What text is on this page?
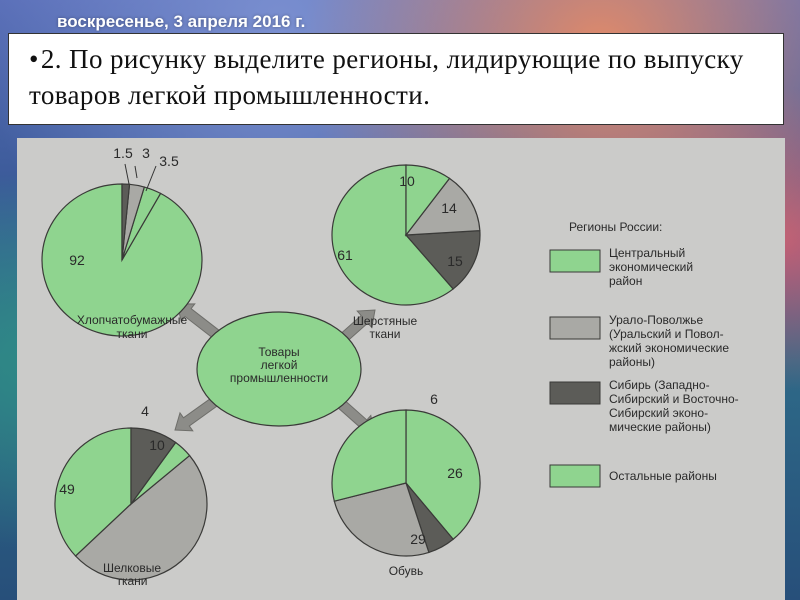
воскресенье, 3 апреля 2016 г.
•2. По рисунку выделите регионы, лидирующие по выпуску товаров легкой промышленности.
92
3.5
3
1.5
Хлопчатобумажные
ткани
61	15
14
10
Шерстяные
ткани
49
4
10
Шелковые
ткани
6
26
29
Обувь
Товары
легкой
промышленности
Регионы России:
Центральный
экономический
район
Урало-Поволжье
(Уральский и Повол-
жский экономические
районы)
Сибирь (Западно-
Сибирский и Восточно-
Сибирский эконо-
мические районы)
Остальные районы
